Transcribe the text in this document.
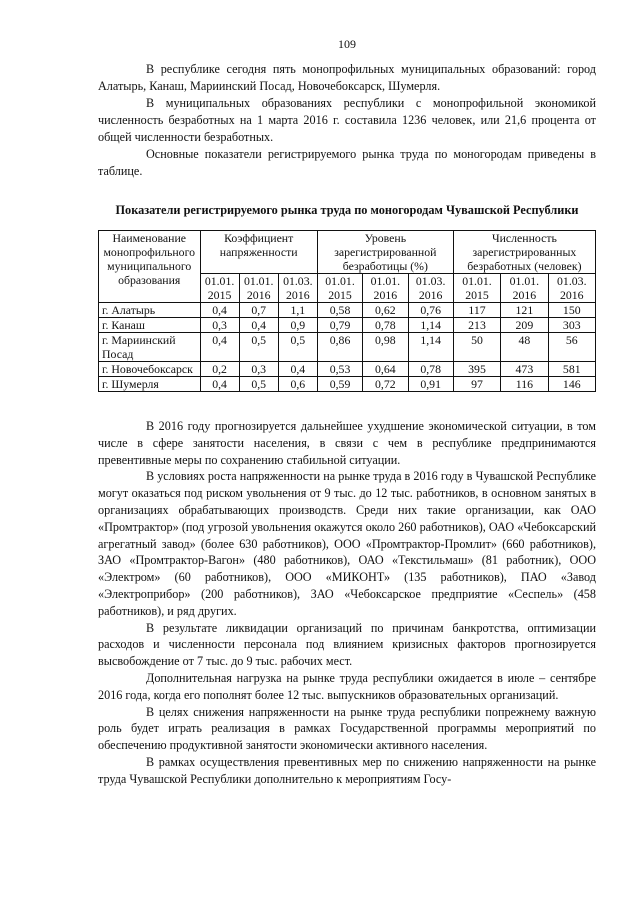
109

В республике сегодня пять монопрофильных муниципальных образований: город Алатырь, Канаш, Мариинский Посад, Новочебоксарск, Шумерля.

В муниципальных образованиях республики с монопрофильной экономикой численность безработных на 1 марта 2016 г. составила 1236 человек, или 21,6 процента от общей численности безработных.

Основные показатели регистрируемого рынка труда по моногородам приведены в таблице.

Показатели регистрируемого рынка труда по моногородам Чувашской Республики
Наименование монопрофильного муниципального образования	Коэффициент напряженности			Уровень зарегистрированной безработицы (%)			Численность зарегистрированных безработных (человек)		
	01.01. 2015	01.01. 2016	01.03. 2016	01.01. 2015	01.01. 2016	01.03. 2016	01.01. 2015	01.01. 2016	01.03. 2016
г. Алатырь	0,4	0,7	1,1	0,58	0,62	0,76	117	121	150
г. Канаш	0,3	0,4	0,9	0,79	0,78	1,14	213	209	303
г. Мариинский Посад	0,4	0,5	0,5	0,86	0,98	1,14	50	48	56
г. Новочебоксарск	0,2	0,3	0,4	0,53	0,64	0,78	395	473	581
г. Шумерля	0,4	0,5	0,6	0,59	0,72	0,91	97	116	146

В 2016 году прогнозируется дальнейшее ухудшение экономической ситуации, в том числе в сфере занятости населения, в связи с чем в республике предпринимаются превентивные меры по сохранению стабильной ситуации.

В условиях роста напряженности на рынке труда в 2016 году в Чувашской Республике могут оказаться под риском увольнения от 9 тыс. до 12 тыс. работников, в основном занятых в организациях обрабатывающих производств. Среди них такие организации, как ОАО «Промтрактор» (под угрозой увольнения окажутся около 260 работников), ОАО «Чебоксарский агрегатный завод» (более 630 работников), ООО «Промтрактор-Промлит» (660 работников), ЗАО «Промтрактор-Вагон» (480 работников), ОАО «Текстильмаш» (81 работник), ООО «Электром» (60 работников), ООО «МИКОНТ» (135 работников), ПАО «Завод «Электроприбор» (200 работников), ЗАО «Чебоксарское предприятие «Сеспель» (458 работников), и ряд других.

В результате ликвидации организаций по причинам банкротства, оптимизации расходов и численности персонала под влиянием кризисных факторов прогнозируется высвобождение от 7 тыс. до 9 тыс. рабочих мест.

Дополнительная нагрузка на рынке труда республики ожидается в июле – сентябре 2016 года, когда его пополнят более 12 тыс. выпускников образовательных организаций.

В целях снижения напряженности на рынке труда республики попрежнему важную роль будет играть реализация в рамках Государственной программы мероприятий по обеспечению продуктивной занятости экономически активного населения.

В рамках осуществления превентивных мер по снижению напряженности на рынке труда Чувашской Республики дополнительно к мероприятиям Госу-
